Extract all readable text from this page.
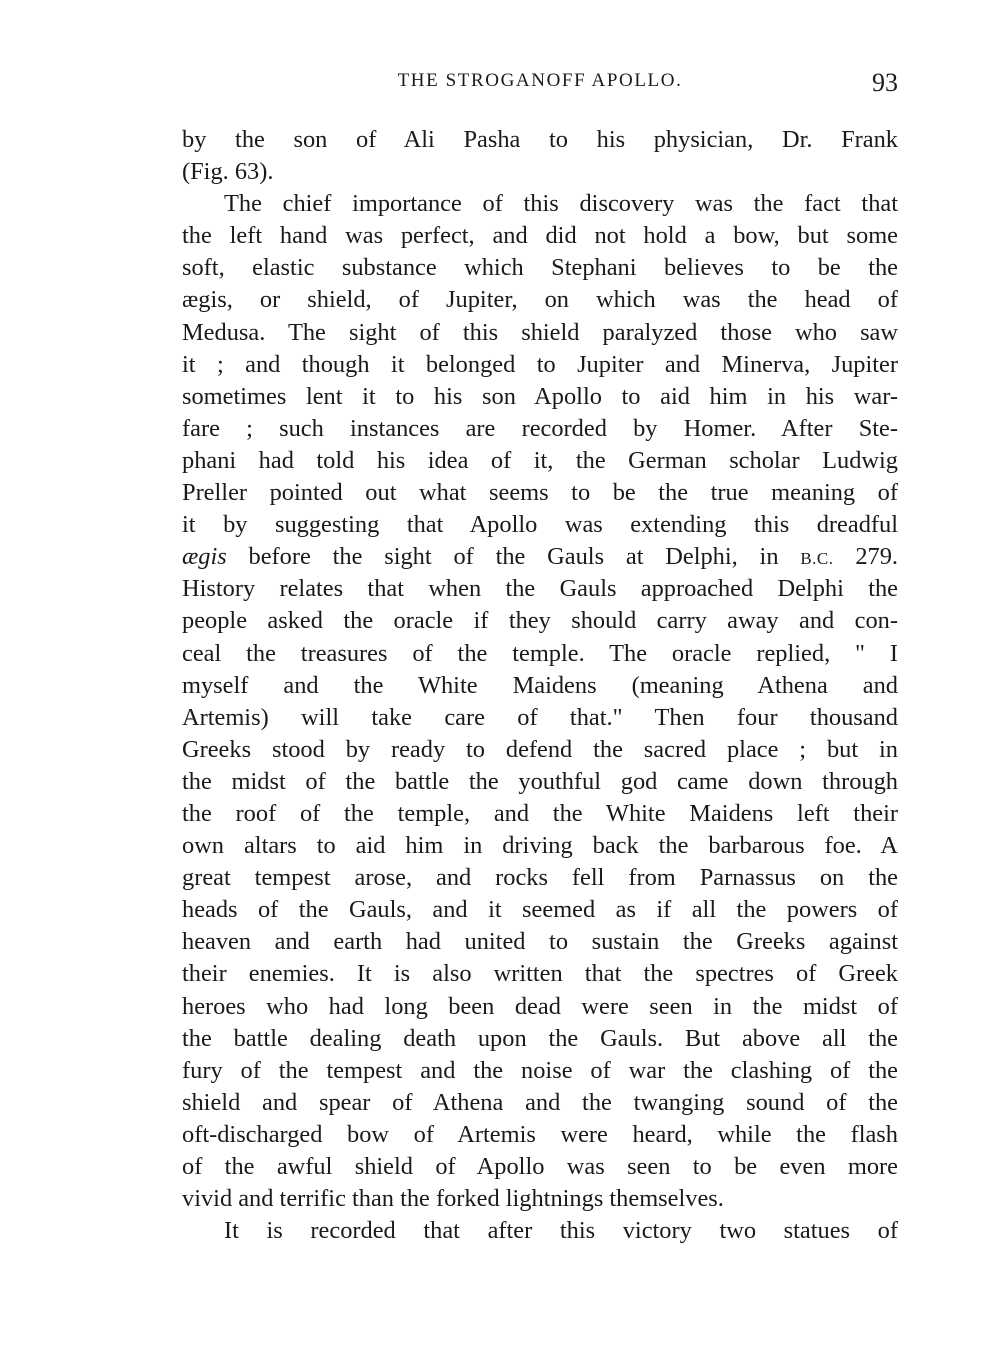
THE STROGANOFF APOLLO.	93
by the son of Ali Pasha to his physician, Dr. Frank
(Fig. 63).
The chief importance of this discovery was the fact that
the left hand was perfect, and did not hold a bow, but some
soft, elastic substance which Stephani believes to be the
ægis, or shield, of Jupiter, on which was the head of
Medusa. The sight of this shield paralyzed those who saw
it ; and though it belonged to Jupiter and Minerva, Jupiter
sometimes lent it to his son Apollo to aid him in his war-
fare ; such instances are recorded by Homer. After Ste-
phani had told his idea of it, the German scholar Ludwig
Preller pointed out what seems to be the true meaning of
it by suggesting that Apollo was extending this dreadful
ægis before the sight of the Gauls at Delphi, in B.C. 279.
History relates that when the Gauls approached Delphi the
people asked the oracle if they should carry away and con-
ceal the treasures of the temple. The oracle replied, " I
myself and the White Maidens (meaning Athena and
Artemis) will take care of that." Then four thousand
Greeks stood by ready to defend the sacred place ; but in
the midst of the battle the youthful god came down through
the roof of the temple, and the White Maidens left their
own altars to aid him in driving back the barbarous foe. A
great tempest arose, and rocks fell from Parnassus on the
heads of the Gauls, and it seemed as if all the powers of
heaven and earth had united to sustain the Greeks against
their enemies. It is also written that the spectres of Greek
heroes who had long been dead were seen in the midst of
the battle dealing death upon the Gauls. But above all the
fury of the tempest and the noise of war the clashing of the
shield and spear of Athena and the twanging sound of the
oft-discharged bow of Artemis were heard, while the flash
of the awful shield of Apollo was seen to be even more
vivid and terrific than the forked lightnings themselves.
It is recorded that after this victory two statues of
